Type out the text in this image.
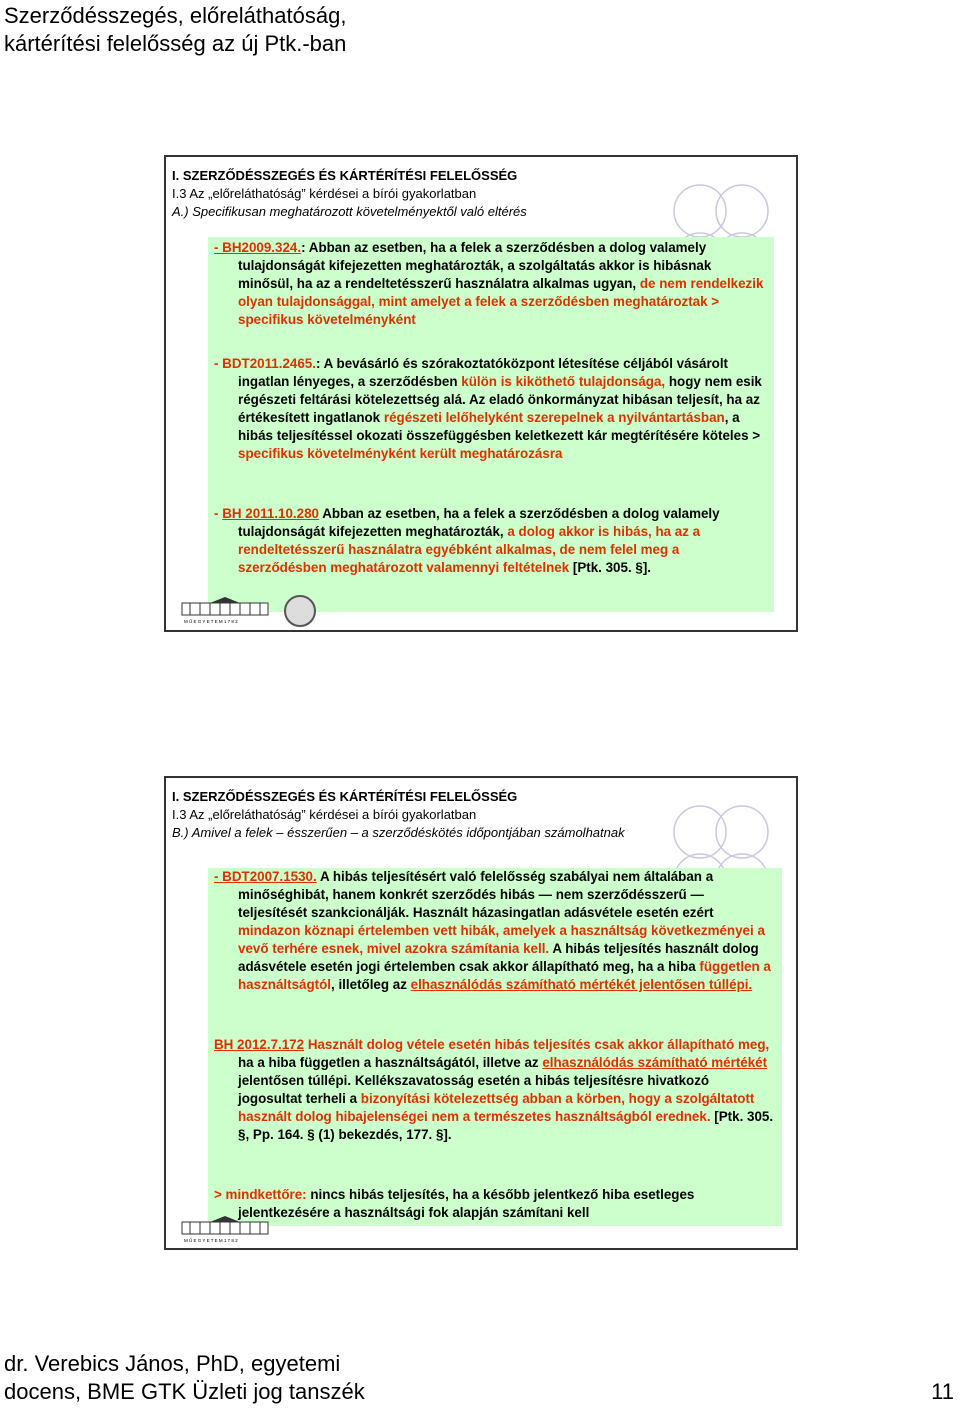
Szerződésszegés, előreláthatóság,
kártérítési felelősség az új Ptk.-ban
I. SZERZŐDÉSSZEGÉS ÉS KÁRTÉRÍTÉSI FELELŐSSÉG
I.3 Az „előreláthatóság” kérdései a bírói gyakorlatban
A.) Specifikusan meghatározott követelményektől való eltérés

- BH2009.324.: Abban az esetben, ha a felek a szerződésben a dolog valamely tulajdonságát kifejezetten meghatározták, a szolgáltatás akkor is hibásnak minősül, ha az a rendeltetésszerű használatra alkalmas ugyan, de nem rendelkezik olyan tulajdonsággal, mint amelyet a felek a szerződésben meghatároztak > specifikus követelményként

- BDT2011.2465.: A bevásárló és szórakoztatóközpont létesítése céljából vásárolt ingatlan lényeges, a szerződésben külön is kiköthető tulajdonsága, hogy nem esik régészeti feltárási kötelezettség alá. Az eladó önkormányzat hibásan teljesít, ha az értékesített ingatlanok régészeti lelőhelyként szerepelnek a nyilvántartásban, a hibás teljesítéssel okozati összefüggésben keletkezett kár megtérítésére köteles > specifikus követelményként került meghatározásra

- BH 2011.10.280 Abban az esetben, ha a felek a szerződésben a dolog valamely tulajdonságát kifejezetten meghatározták, a dolog akkor is hibás, ha az a rendeltetésszerű használatra egyébként alkalmas, de nem felel meg a szerződésben meghatározott valamennyi feltételnek [Ptk. 305. §].

M Ű E G Y E T E M 1 7 8 2
I. SZERZŐDÉSSZEGÉS ÉS KÁRTÉRÍTÉSI FELELŐSSÉG
I.3 Az „előreláthatóság” kérdései a bírói gyakorlatban
B.) Amivel a felek – ésszerűen – a szerződéskötés időpontjában számolhatnak

- BDT2007.1530. A hibás teljesítésért való felelősség szabályai nem általában a minőséghibát, hanem konkrét szerződés hibás — nem szerződésszerű — teljesítését szankcionálják. Használt házasingatlan adásvétele esetén ezért mindazon köznapi értelemben vett hibák, amelyek a használtság következményei a vevő terhére esnek, mivel azokra számítania kell. A hibás teljesítés használt dolog adásvétele esetén jogi értelemben csak akkor állapítható meg, ha a hiba független a használtságtól, illetőleg az elhasználódás számítható mértékét jelentősen túllépi.

BH 2012.7.172 Használt dolog vétele esetén hibás teljesítés csak akkor állapítható meg, ha a hiba független a használtságától, illetve az elhasználódás számítható mértékét jelentősen túllépi. Kellékszavatosság esetén a hibás teljesítésre hivatkozó jogosultat terheli a bizonyítási kötelezettség abban a körben, hogy a szolgáltatott használt dolog hibajelenségei nem a természetes használtságból erednek. [Ptk. 305. §, Pp. 164. § (1) bekezdés, 177. §].

> mindkettőre: nincs hibás teljesítés, ha a később jelentkező hiba esetleges jelentkezésére a használtsági fok alapján számítani kell

M Ű E G Y E T E M 1 7 8 2
dr. Verebics János, PhD, egyetemi
docens, BME GTK Üzleti jog tanszék	11
